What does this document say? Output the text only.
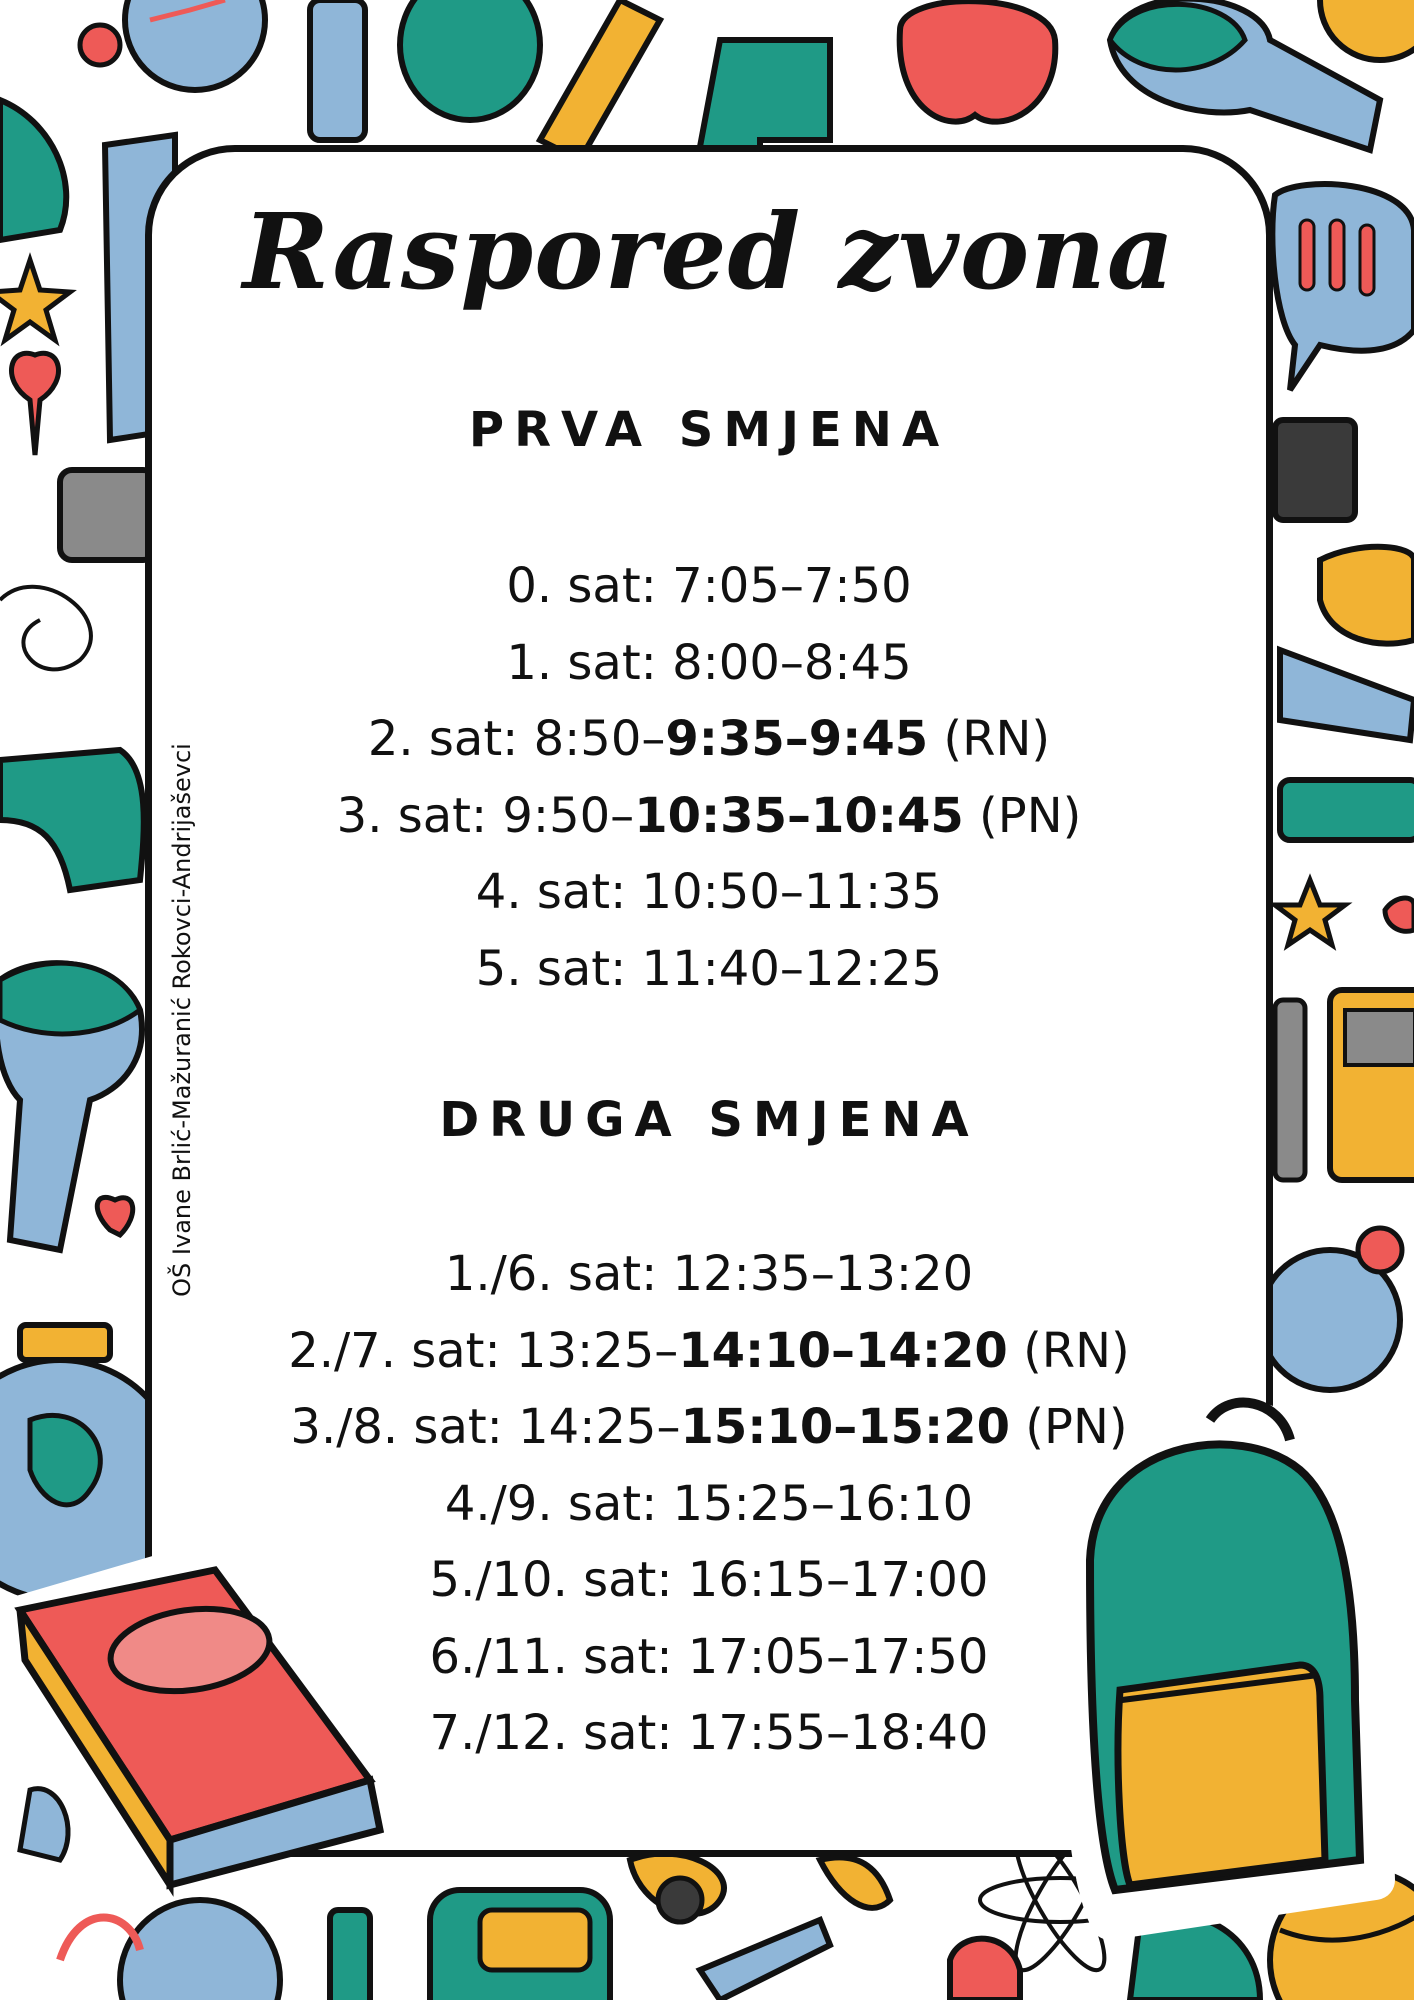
Raspored zvona
PRVA SMJENA
0. sat: 7:05–7:50
1. sat: 8:00–8:45
2. sat: 8:50–9:35–9:45 (RN)
3. sat: 9:50–10:35–10:45 (PN)
4. sat: 10:50–11:35
5. sat: 11:40–12:25
DRUGA SMJENA
1./6. sat: 12:35–13:20
2./7. sat: 13:25–14:10–14:20 (RN)
3./8. sat: 14:25–15:10–15:20 (PN)
4./9. sat: 15:25–16:10
5./10. sat: 16:15–17:00
6./11. sat: 17:05–17:50
7./12. sat: 17:55–18:40
OŠ Ivane Brlić-Mažuranić Rokovci-Andrijaševci
